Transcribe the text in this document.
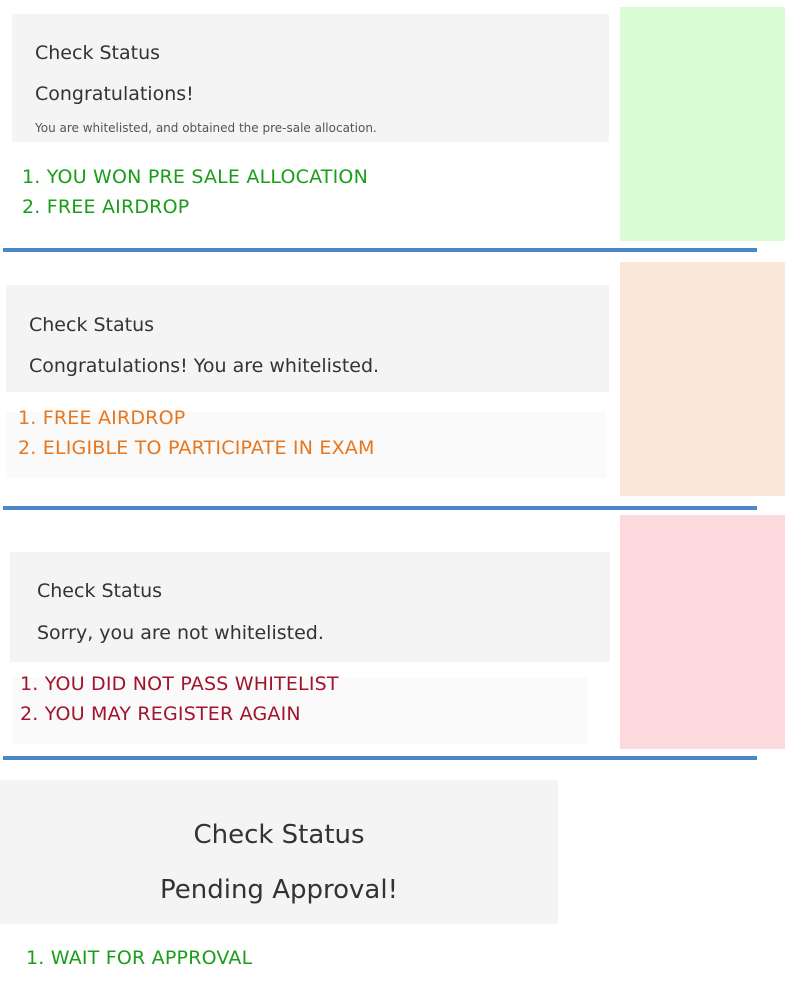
Check Status
Congratulations!
You are whitelisted, and obtained the pre-sale allocation.
1. YOU WON PRE SALE ALLOCATION
2. FREE AIRDROP
Check Status
Congratulations! You are whitelisted.
1. FREE AIRDROP
2. ELIGIBLE TO PARTICIPATE IN EXAM
Check Status
Sorry, you are not whitelisted.
1. YOU DID NOT PASS WHITELIST
2. YOU MAY REGISTER AGAIN
Check Status
Pending Approval!
1. WAIT FOR APPROVAL
